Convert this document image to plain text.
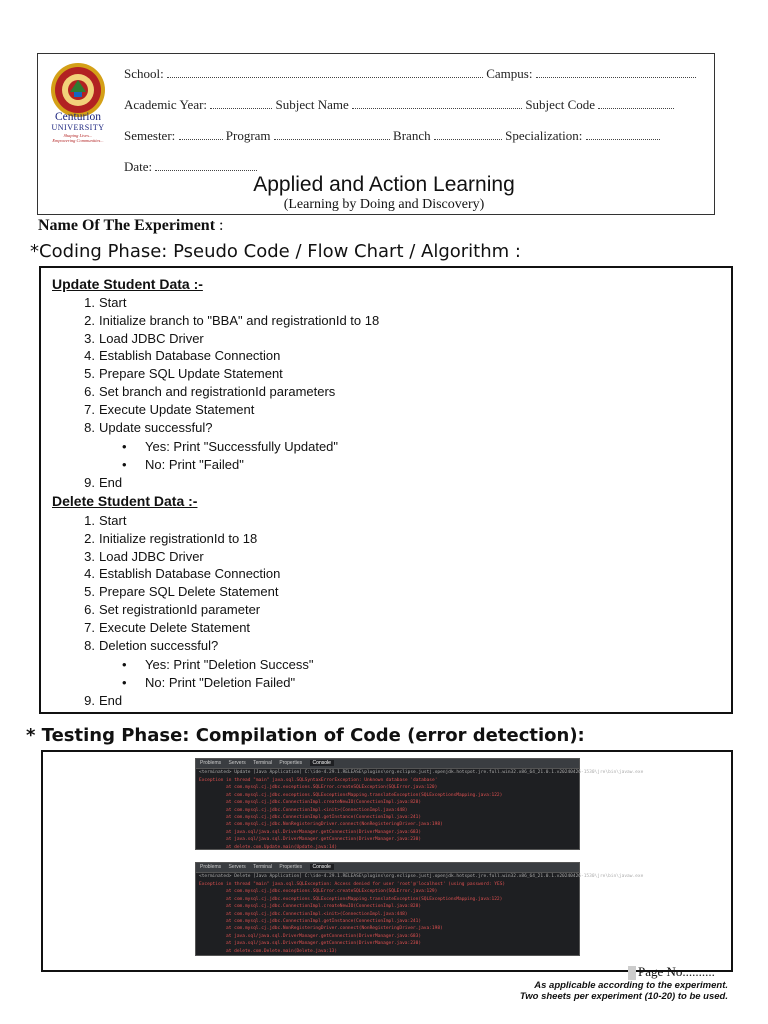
Centurion
UNIVERSITY
Shaping Lives...
Empowering Communities...
School:	Campus:
Academic Year:	Subject Name	Subject Code
Semester:	Program	Branch	Specialization:
Date:
Applied and Action Learning
(Learning by Doing and Discovery)
Name Of The Experiment :
*Coding Phase: Pseudo Code / Flow Chart / Algorithm :
Update Student Data :-
1. Start
2. Initialize branch to "BBA" and registrationId to 18
3. Load JDBC Driver
4. Establish Database Connection
5. Prepare SQL Update Statement
6. Set branch and registrationId parameters
7. Execute Update Statement
8. Update successful?
• Yes: Print "Successfully Updated"
• No: Print "Failed"
9. End
Delete Student Data :-
1. Start
2. Initialize registrationId to 18
3. Load JDBC Driver
4. Establish Database Connection
5. Prepare SQL Delete Statement
6. Set registrationId parameter
7. Execute Delete Statement
8. Deletion successful?
• Yes: Print "Deletion Success"
• No: Print "Deletion Failed"
9. End
* Testing Phase: Compilation of Code (error detection):
Problems Servers Terminal Properties Console
<terminated> Update [Java Application] C:\ide-4.29.1.RELEASE\plugins\org.eclipse.justj.openjdk.hotspot.jre.full.win32.x86_64_21.0.1.v20240426-1530\jre\bin\javaw.exe
Exception in thread "main" java.sql.SQLSyntaxErrorException: Unknown database 'database'
at com.mysql.cj.jdbc.exceptions.SQLError.createSQLException(SQLError.java:120)
at com.mysql.cj.jdbc.exceptions.SQLExceptionsMapping.translateException(SQLExceptionsMapping.java:122)
at com.mysql.cj.jdbc.ConnectionImpl.createNewIO(ConnectionImpl.java:828)
at com.mysql.cj.jdbc.ConnectionImpl.<init>(ConnectionImpl.java:448)
at com.mysql.cj.jdbc.ConnectionImpl.getInstance(ConnectionImpl.java:241)
at com.mysql.cj.jdbc.NonRegisteringDriver.connect(NonRegisteringDriver.java:198)
at java.sql/java.sql.DriverManager.getConnection(DriverManager.java:683)
at java.sql/java.sql.DriverManager.getConnection(DriverManager.java:230)
at delete.com.Update.main(Update.java:14)
Problems Servers Terminal Properties Console
<terminated> Delete [Java Application] C:\ide-4.29.1.RELEASE\plugins\org.eclipse.justj.openjdk.hotspot.jre.full.win32.x86_64_21.0.1.v20240426-1530\jre\bin\javaw.exe
Exception in thread "main" java.sql.SQLException: Access denied for user 'root'@'localhost' (using password: YES)
at com.mysql.cj.jdbc.exceptions.SQLError.createSQLException(SQLError.java:129)
at com.mysql.cj.jdbc.exceptions.SQLExceptionsMapping.translateException(SQLExceptionsMapping.java:122)
at com.mysql.cj.jdbc.ConnectionImpl.createNewIO(ConnectionImpl.java:828)
at com.mysql.cj.jdbc.ConnectionImpl.<init>(ConnectionImpl.java:448)
at com.mysql.cj.jdbc.ConnectionImpl.getInstance(ConnectionImpl.java:241)
at com.mysql.cj.jdbc.NonRegisteringDriver.connect(NonRegisteringDriver.java:198)
at java.sql/java.sql.DriverManager.getConnection(DriverManager.java:683)
at java.sql/java.sql.DriverManager.getConnection(DriverManager.java:230)
at delete.com.Delete.main(Delete.java:13)
Page No..........
As applicable according to the experiment.
Two sheets per experiment (10-20) to be used.
